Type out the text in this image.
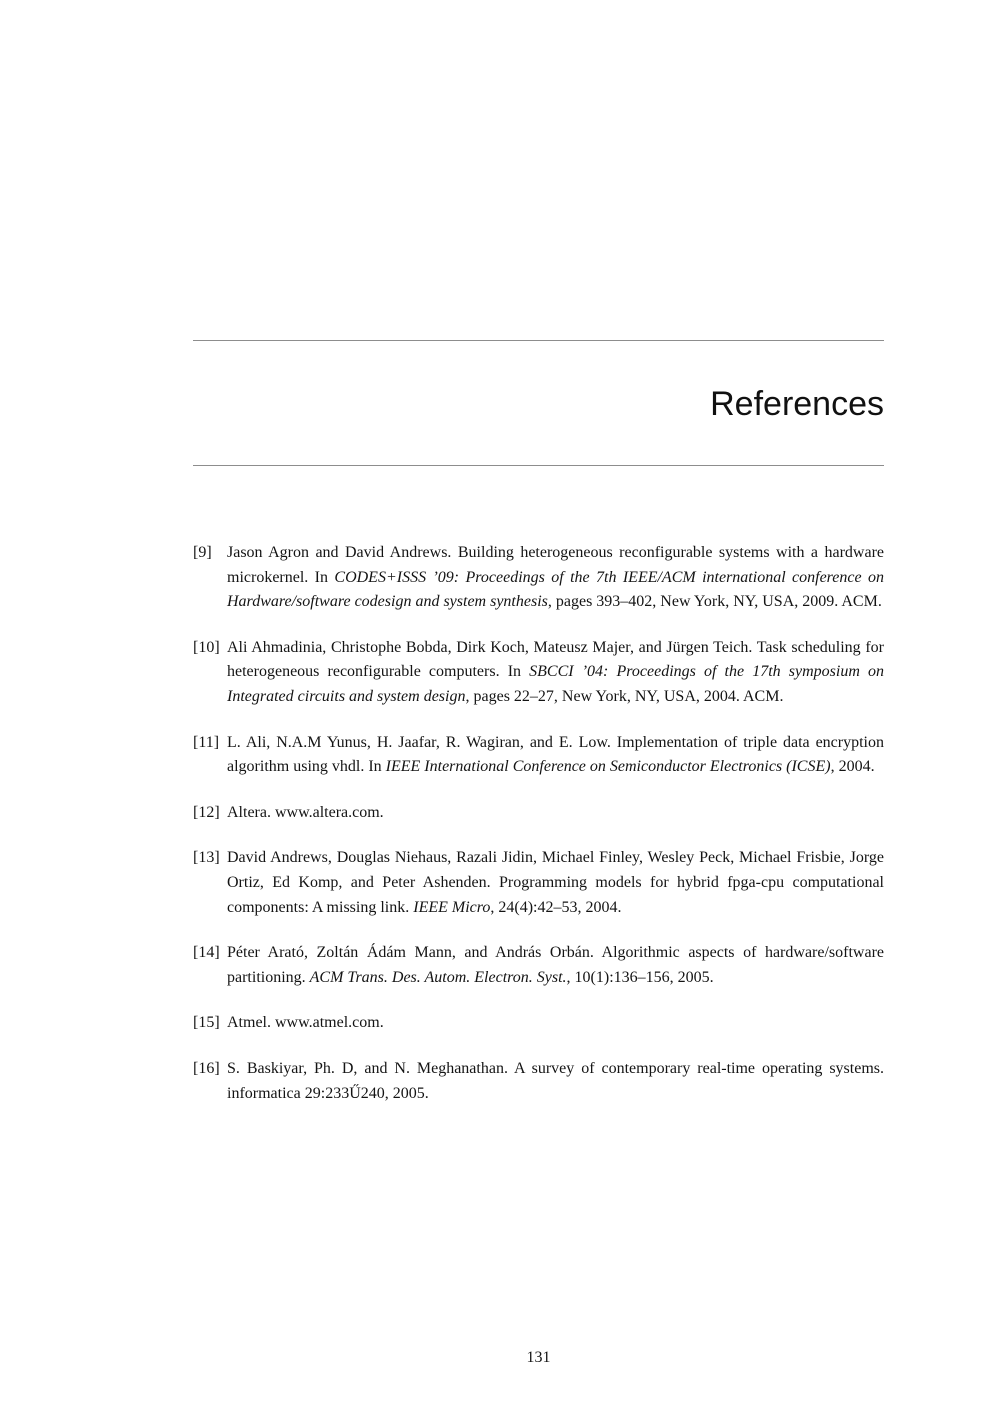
References
[9] Jason Agron and David Andrews. Building heterogeneous reconfigurable systems with a hardware microkernel. In CODES+ISSS ’09: Proceedings of the 7th IEEE/ACM international conference on Hardware/software codesign and system synthesis, pages 393–402, New York, NY, USA, 2009. ACM.
[10] Ali Ahmadinia, Christophe Bobda, Dirk Koch, Mateusz Majer, and Jürgen Teich. Task scheduling for heterogeneous reconfigurable computers. In SBCCI ’04: Proceedings of the 17th symposium on Integrated circuits and system design, pages 22–27, New York, NY, USA, 2004. ACM.
[11] L. Ali, N.A.M Yunus, H. Jaafar, R. Wagiran, and E. Low. Implementation of triple data encryption algorithm using vhdl. In IEEE International Conference on Semiconductor Electronics (ICSE), 2004.
[12] Altera. www.altera.com.
[13] David Andrews, Douglas Niehaus, Razali Jidin, Michael Finley, Wesley Peck, Michael Frisbie, Jorge Ortiz, Ed Komp, and Peter Ashenden. Programming models for hybrid fpga-cpu computational components: A missing link. IEEE Micro, 24(4):42–53, 2004.
[14] Péter Arató, Zoltán Ádám Mann, and András Orbán. Algorithmic aspects of hardware/software partitioning. ACM Trans. Des. Autom. Electron. Syst., 10(1):136–156, 2005.
[15] Atmel. www.atmel.com.
[16] S. Baskiyar, Ph. D, and N. Meghanathan. A survey of contemporary real-time operating systems. informatica 29:233Ű240, 2005.
131
